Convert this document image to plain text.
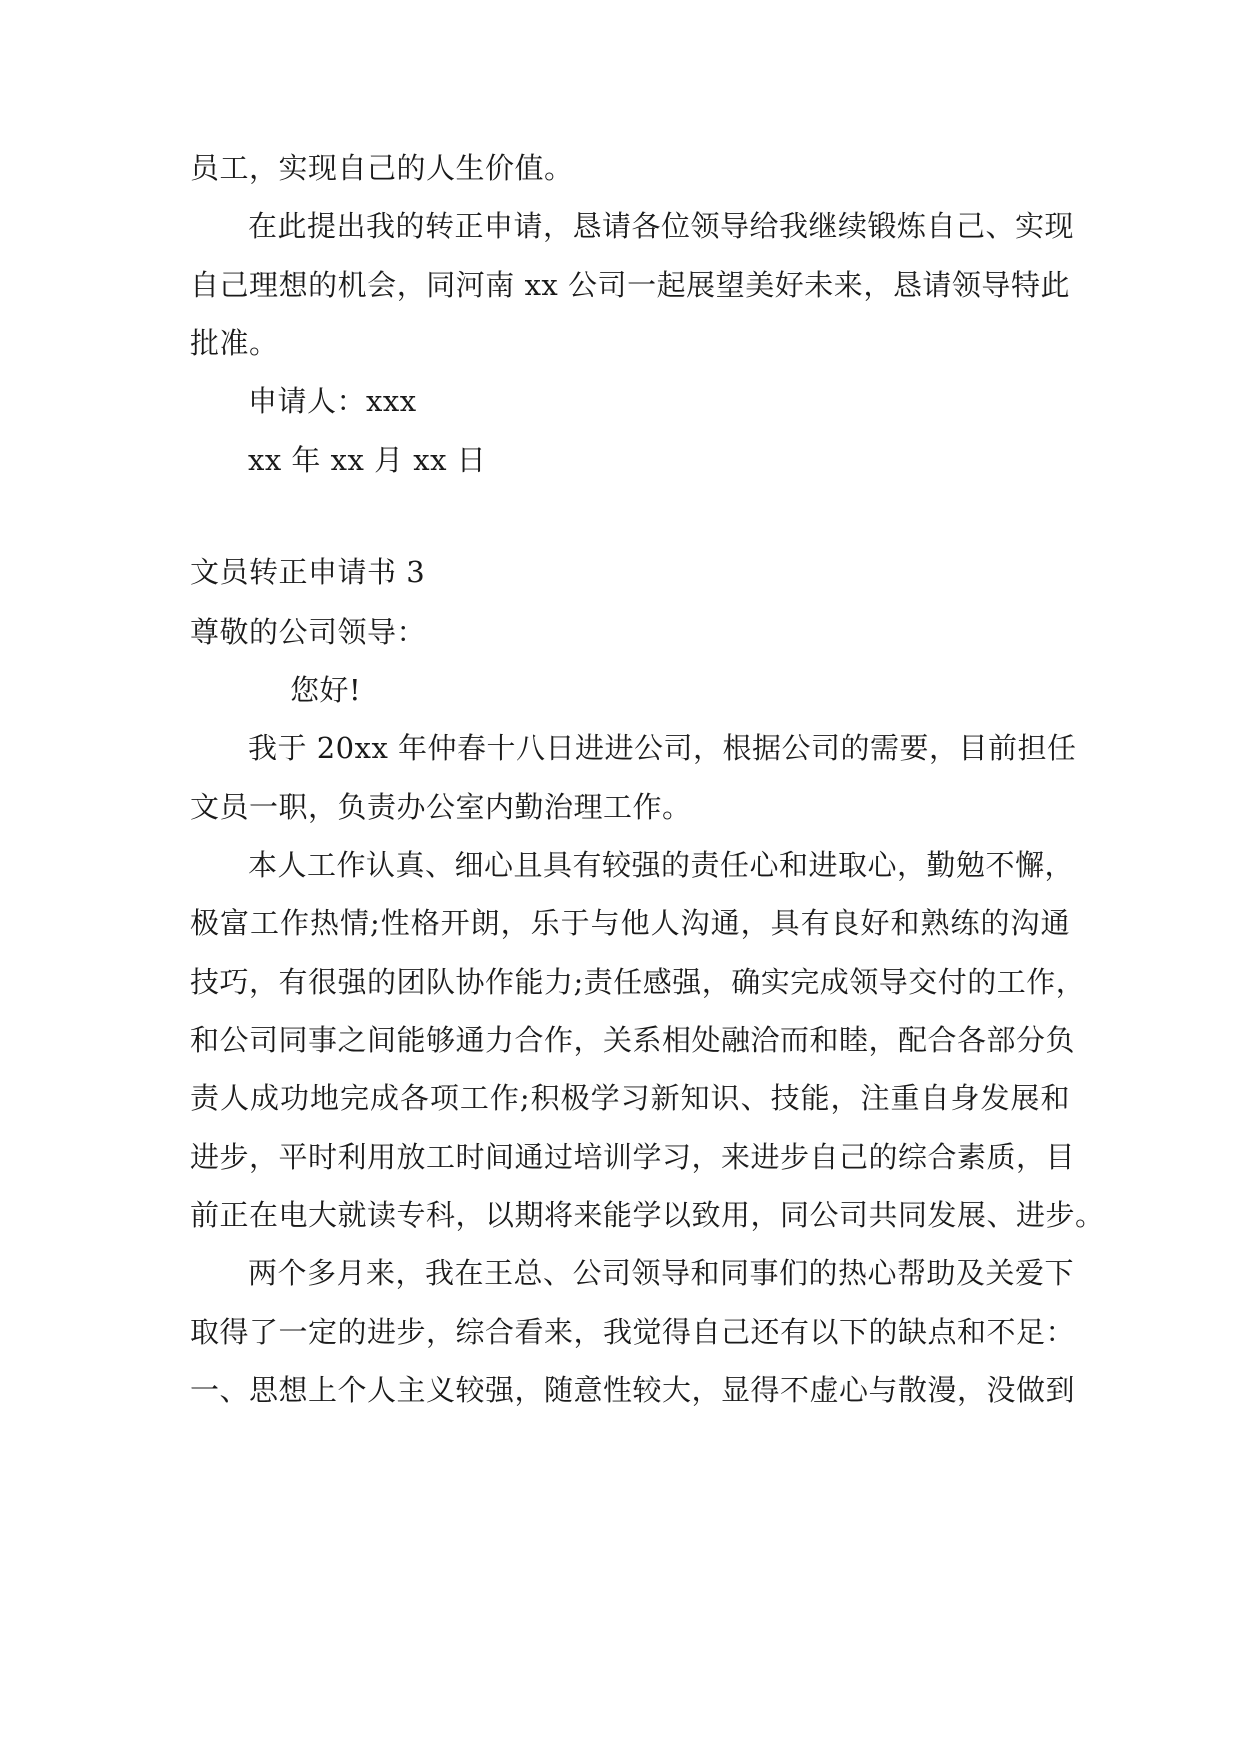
员工，实现自己的人生价值。
在此提出我的转正申请，恳请各位领导给我继续锻炼自己、实现
自己理想的机会，同河南 xx 公司一起展望美好未来，恳请领导特此
批准。
申请人：xxx
xx 年 xx 月 xx 日
文员转正申请书 3
尊敬的公司领导：
您好!
我于 20xx 年仲春十八日进进公司，根据公司的需要，目前担任
文员一职，负责办公室内勤治理工作。
本人工作认真、细心且具有较强的责任心和进取心，勤勉不懈，
极富工作热情;性格开朗，乐于与他人沟通，具有良好和熟练的沟通
技巧，有很强的团队协作能力;责任感强，确实完成领导交付的工作，
和公司同事之间能够通力合作，关系相处融洽而和睦，配合各部分负
责人成功地完成各项工作;积极学习新知识、技能，注重自身发展和
进步，平时利用放工时间通过培训学习，来进步自己的综合素质，目
前正在电大就读专科，以期将来能学以致用，同公司共同发展、进步。
两个多月来，我在王总、公司领导和同事们的热心帮助及关爱下
取得了一定的进步，综合看来，我觉得自己还有以下的缺点和不足：
一、思想上个人主义较强，随意性较大，显得不虚心与散漫，没做到
